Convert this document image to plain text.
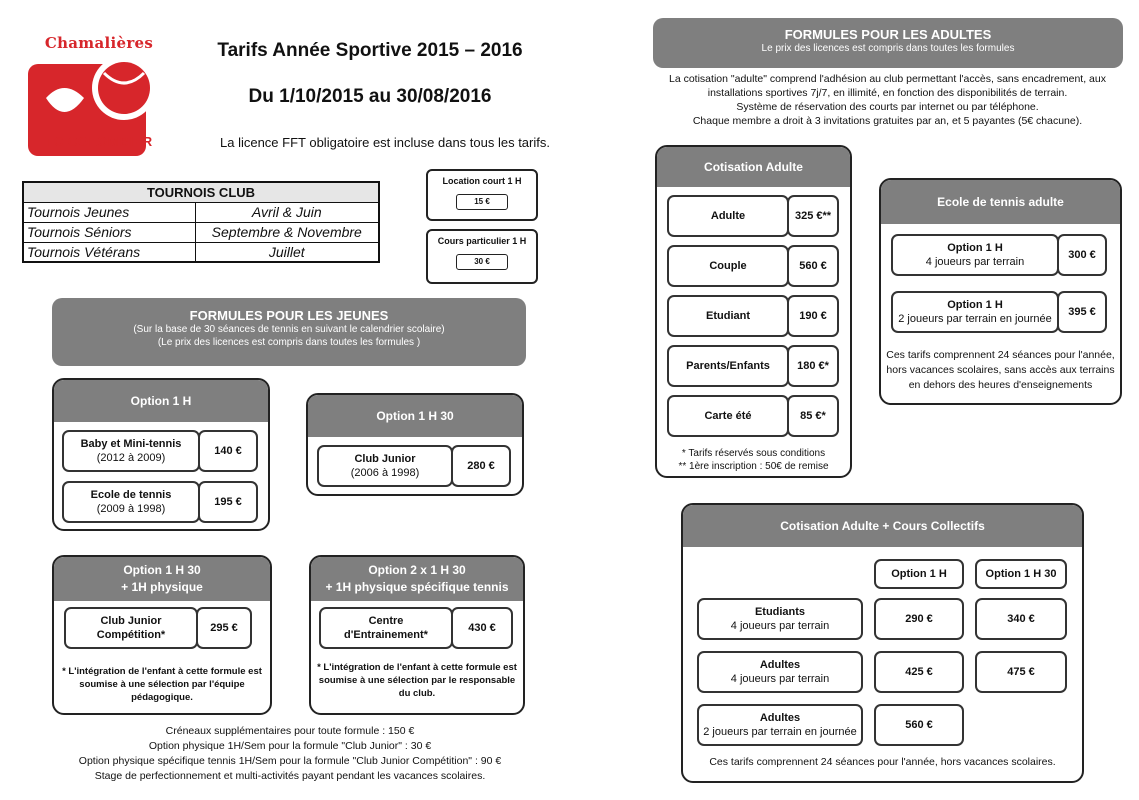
Chamalières
TC COLOMBIER
Tarifs Année Sportive 2015 – 2016
Du 1/10/2015 au 30/08/2016
La licence FFT obligatoire est incluse dans tous les tarifs.
TOURNOIS CLUB	
Tournois Jeunes	Avril & Juin
Tournois Séniors	Septembre & Novembre
Tournois Vétérans	Juillet
Location court 1 H
15 €
Cours particulier 1 H
30 €
FORMULES POUR LES JEUNES
(Sur la base de 30 séances de tennis en suivant le calendrier scolaire)
(Le prix des licences est compris dans toutes les formules )
Option 1 H
Baby et Mini-tennis
(2012 à 2009)
140 €
Ecole de tennis
(2009 à 1998)
195 €
Option 1 H 30
Club Junior
(2006 à 1998)
280 €
Option 1 H 30
+ 1H physique
Club Junior
Compétition*
295 €
* L'intégration de l'enfant à cette formule est soumise à une sélection par l'équipe pédagogique.
Option 2 x 1 H 30
+ 1H physique spécifique tennis
Centre
d'Entrainement*
430 €
* L'intégration de l'enfant à cette formule est soumise à une sélection par le responsable du club.
Créneaux supplémentaires pour toute formule : 150 €
Option physique 1H/Sem pour la formule "Club Junior" : 30 €
Option physique spécifique tennis 1H/Sem pour la formule "Club Junior Compétition" : 90 €
Stage de perfectionnement et multi-activités payant pendant les vacances scolaires.
FORMULES POUR LES ADULTES
Le prix des licences est compris dans toutes les formules
La cotisation "adulte" comprend l'adhésion au club permettant l'accès, sans encadrement, aux
installations sportives 7j/7, en illimité, en fonction des disponibilités de terrain.
Système de réservation des courts par internet ou par téléphone.
Chaque membre a droit à 3 invitations gratuites par an, et 5 payantes (5€ chacune).
Cotisation Adulte
Adulte	325 €**
Couple	560 €
Etudiant	190 €
Parents/Enfants	180 €*
Carte été	85 €*
* Tarifs réservés sous conditions
** 1ère inscription : 50€ de remise
Ecole de tennis adulte
Option 1 H
4 joueurs par terrain
300 €
Option 1 H
2 joueurs par terrain en journée
395 €
Ces tarifs comprennent 24 séances pour l'année, hors vacances scolaires, sans accès aux terrains en dehors des heures d'enseignements
Cotisation Adulte + Cours Collectifs
Option 1 H	Option 1 H 30
Etudiants
4 joueurs par terrain
290 €	340 €
Adultes
4 joueurs par terrain
425 €	475 €
Adultes
2 joueurs par terrain en journée
560 €
Ces tarifs comprennent 24 séances pour l'année, hors vacances scolaires.
